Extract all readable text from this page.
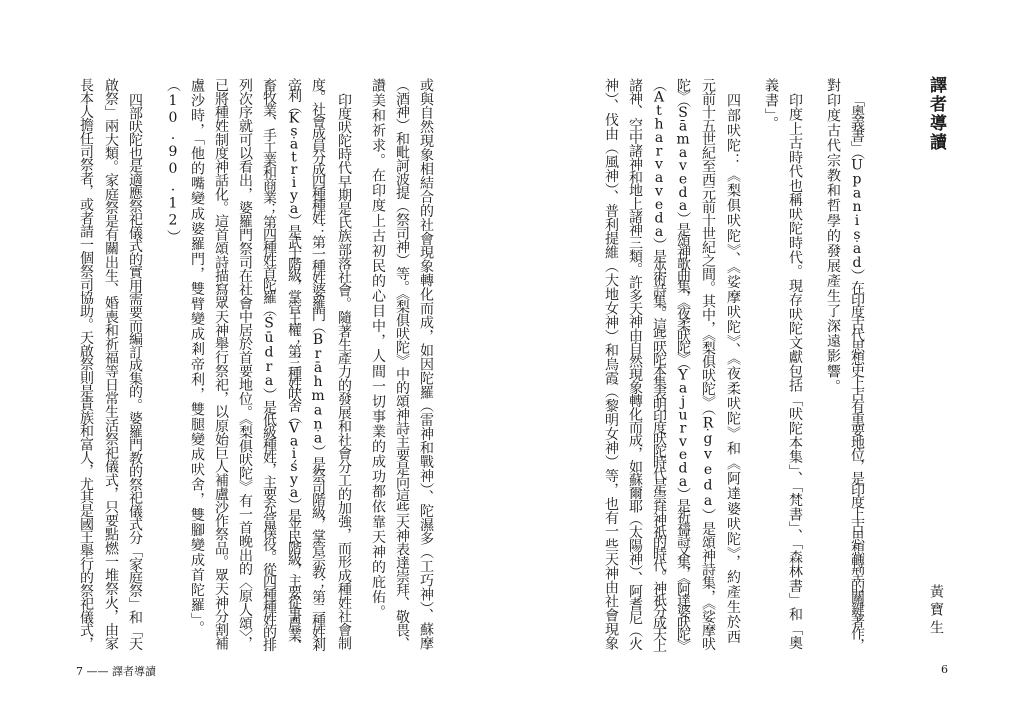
或與自然現象相結合的社會現象轉化而成，如因陀羅（雷神和戰神）、陀濕多（工巧神）、蘇摩
（酒神）和毗訶波提（祭司神）等。《梨俱吠陀》中的頌神詩主要是向這些天神表達崇拜、敬畏、
讚美和祈求。在印度上古初民的心目中，人間一切事業的成功都依靠天神的庇佑。
印度吠陀時代早期是氏族部落社會。隨著生產力的發展和社會分工的加強，而形成種姓社會制
度。社會成員分成四種種姓：第一種姓婆羅門（Brāhmaṇa）是祭司階級，掌管宗教；第二種姓剎
帝利（Kṣatriya）是武士階級，掌管王權；第三種姓吠舍（Vaiśya）是平民階級，主要從事農業、
畜牧業、手工業和商業；第四種姓首陀羅（Śūdra）是低級種姓，主要充當僕役。從四種種姓的排
列次序就可以看出，婆羅門祭司在社會中居於首要地位。《梨俱吠陀》有一首晚出的〈原人頌〉，
已將種姓制度神話化。這首頌詩描寫眾天神舉行祭祀，以原始巨人補盧沙作祭品。眾天神分割補
盧沙時，「他的嘴變成婆羅門，雙臂變成剎帝利，雙腿變成吠舍，雙腳變成首陀羅」。
（10.90.12）
四部吠陀也是適應祭祀儀式的實用需要而編訂成集的。婆羅門教的祭祀儀式分「家庭祭」和「天
啟祭」兩大類。家庭祭是有關出生、婚喪和祈福等日常生活祭祀儀式，只要點燃一堆祭火，由家
長本人擔任司祭者，或者請一個祭司協助。天啟祭則是貴族和富人，尤其是國王舉行的祭祀儀式，
7 —— 譯者導讀
譯者導讀
黃寶生
「奧義書」（Upaniṣad）在印度古代思想史上占有重要地位，是印度上古思想轉型的關鍵著作，
對印度古代宗教和哲學的發展產生了深遠影響。
印度上古時代也稱吠陀時代。現存吠陀文獻包括「吠陀本集」、「梵書」、「森林書」和「奧
義書」。
四部吠陀：《梨俱吠陀》、《娑摩吠陀》、《夜柔吠陀》和《阿達婆吠陀》，約產生於西
元前十五世紀至西元前十世紀之間。其中，《梨俱吠陀》（Ṛgveda）是頌神詩集，《娑摩吠
陀》（Sāmaveda）是頌神歌曲集，《夜柔吠陀》（Yajurveda）是祈禱詩文集，《阿達婆吠陀》
（Atharvaveda）是巫術詩集。這些吠陀本集表明印度吠陀時代是崇拜神祇的時代。神祇分成天上
諸神、空中諸神和地上諸神三類。許多天神由自然現象轉化而成，如蘇爾耶（太陽神）、阿耆尼（火
神）、伐由（風神）、普利提維（大地女神）和烏霞（黎明女神）等，也有一些天神由社會現象
6
